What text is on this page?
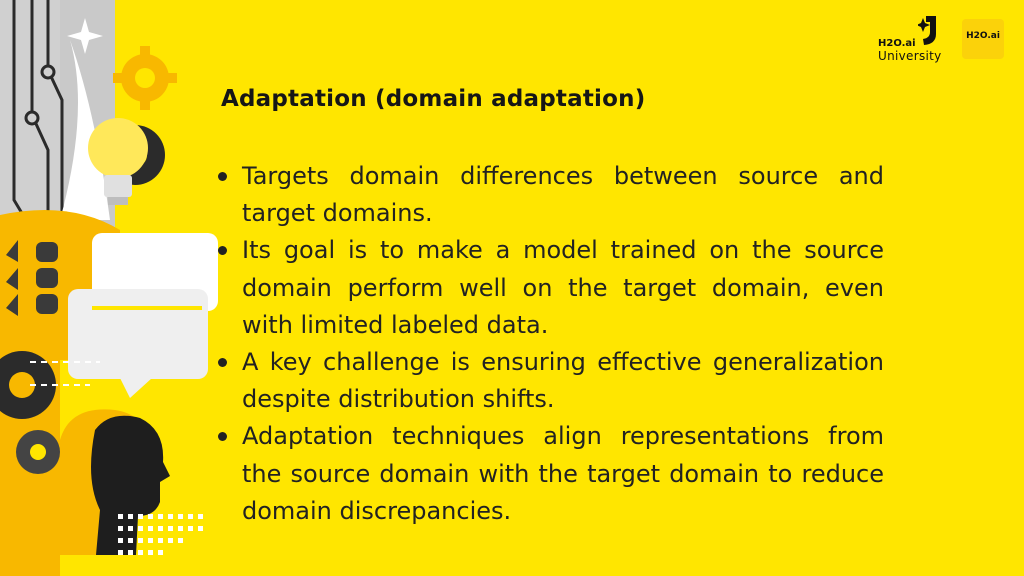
Adaptation (domain adaptation)
Targets domain differences between source and target domains.
Its goal is to make a model trained on the source domain perform well on the target domain, even with limited labeled data.
A key challenge is ensuring effective generalization despite distribution shifts.
Adaptation techniques align representations from the source domain with the target domain to reduce domain discrepancies.
H2O.ai
University
H2O.ai
